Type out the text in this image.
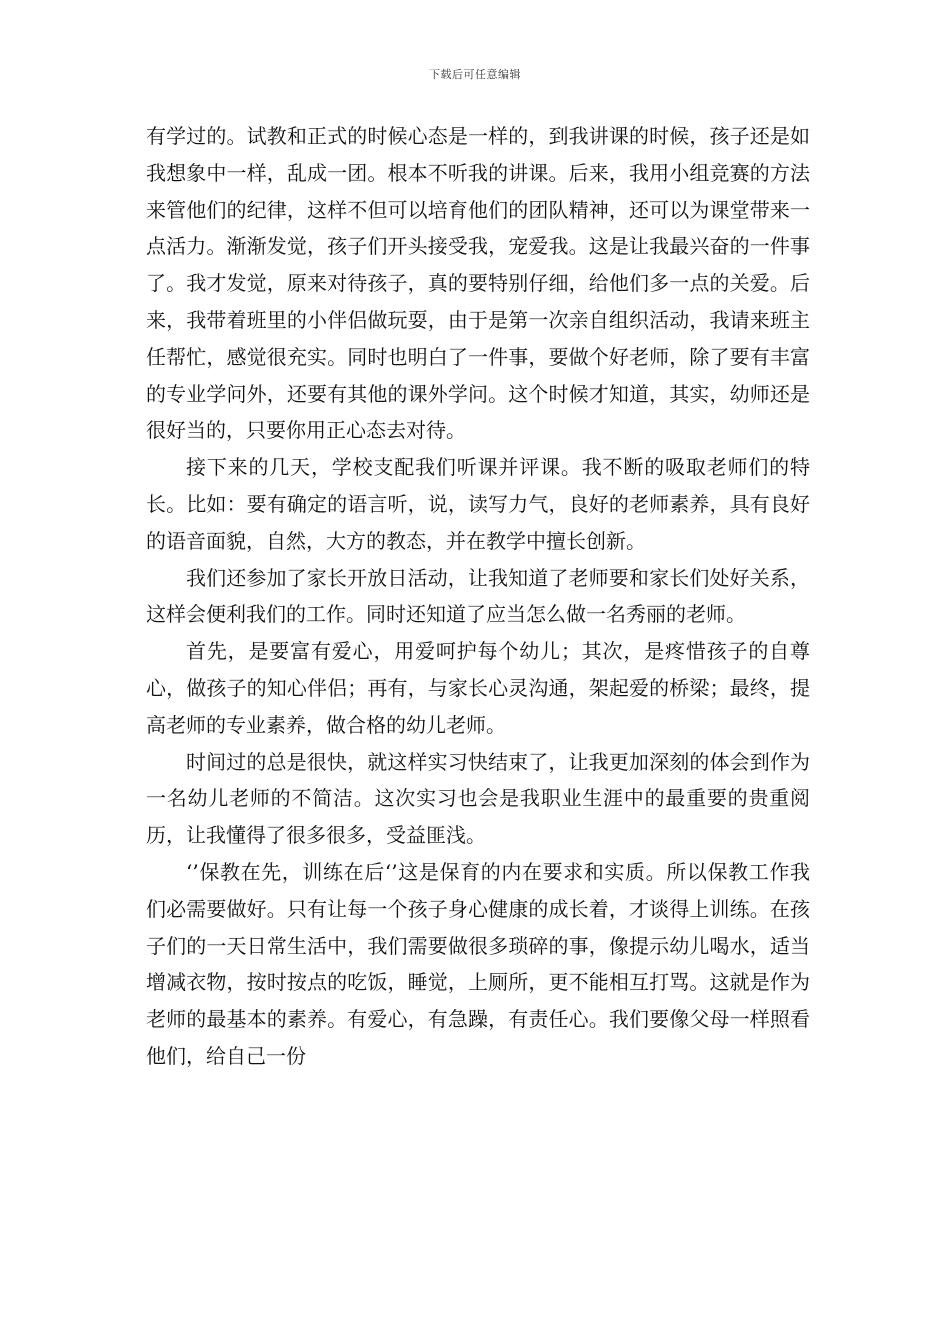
下载后可任意编辑

有学过的。试教和正式的时候心态是一样的，到我讲课的时候，孩子还是如我想象中一样，乱成一团。根本不听我的讲课。后来，我用小组竞赛的方法来管他们的纪律，这样不但可以培育他们的团队精神，还可以为课堂带来一点活力。渐渐发觉，孩子们开头接受我，宠爱我。这是让我最兴奋的一件事了。我才发觉，原来对待孩子，真的要特别仔细，给他们多一点的关爱。后来，我带着班里的小伴侣做玩耍，由于是第一次亲自组织活动，我请来班主任帮忙，感觉很充实。同时也明白了一件事，要做个好老师，除了要有丰富的专业学问外，还要有其他的课外学问。这个时候才知道，其实，幼师还是很好当的，只要你用正心态去对待。

接下来的几天，学校支配我们听课并评课。我不断的吸取老师们的特长。比如：要有确定的语言听，说，读写力气，良好的老师素养，具有良好的语音面貌，自然，大方的教态，并在教学中擅长创新。

我们还参加了家长开放日活动，让我知道了老师要和家长们处好关系，这样会便利我们的工作。同时还知道了应当怎么做一名秀丽的老师。

首先，是要富有爱心，用爱呵护每个幼儿；其次，是疼惜孩子的自尊心，做孩子的知心伴侣；再有，与家长心灵沟通，架起爱的桥梁；最终，提高老师的专业素养，做合格的幼儿老师。

时间过的总是很快，就这样实习快结束了，让我更加深刻的体会到作为一名幼儿老师的不简洁。这次实习也会是我职业生涯中的最重要的贵重阅历，让我懂得了很多很多，受益匪浅。

‘’保教在先，训练在后‘’这是保育的内在要求和实质。所以保教工作我们必需要做好。只有让每一个孩子身心健康的成长着，才谈得上训练。在孩子们的一天日常生活中，我们需要做很多琐碎的事，像提示幼儿喝水，适当增减衣物，按时按点的吃饭，睡觉，上厕所，更不能相互打骂。这就是作为老师的最基本的素养。有爱心，有急躁，有责任心。我们要像父母一样照看他们，给自己一份
